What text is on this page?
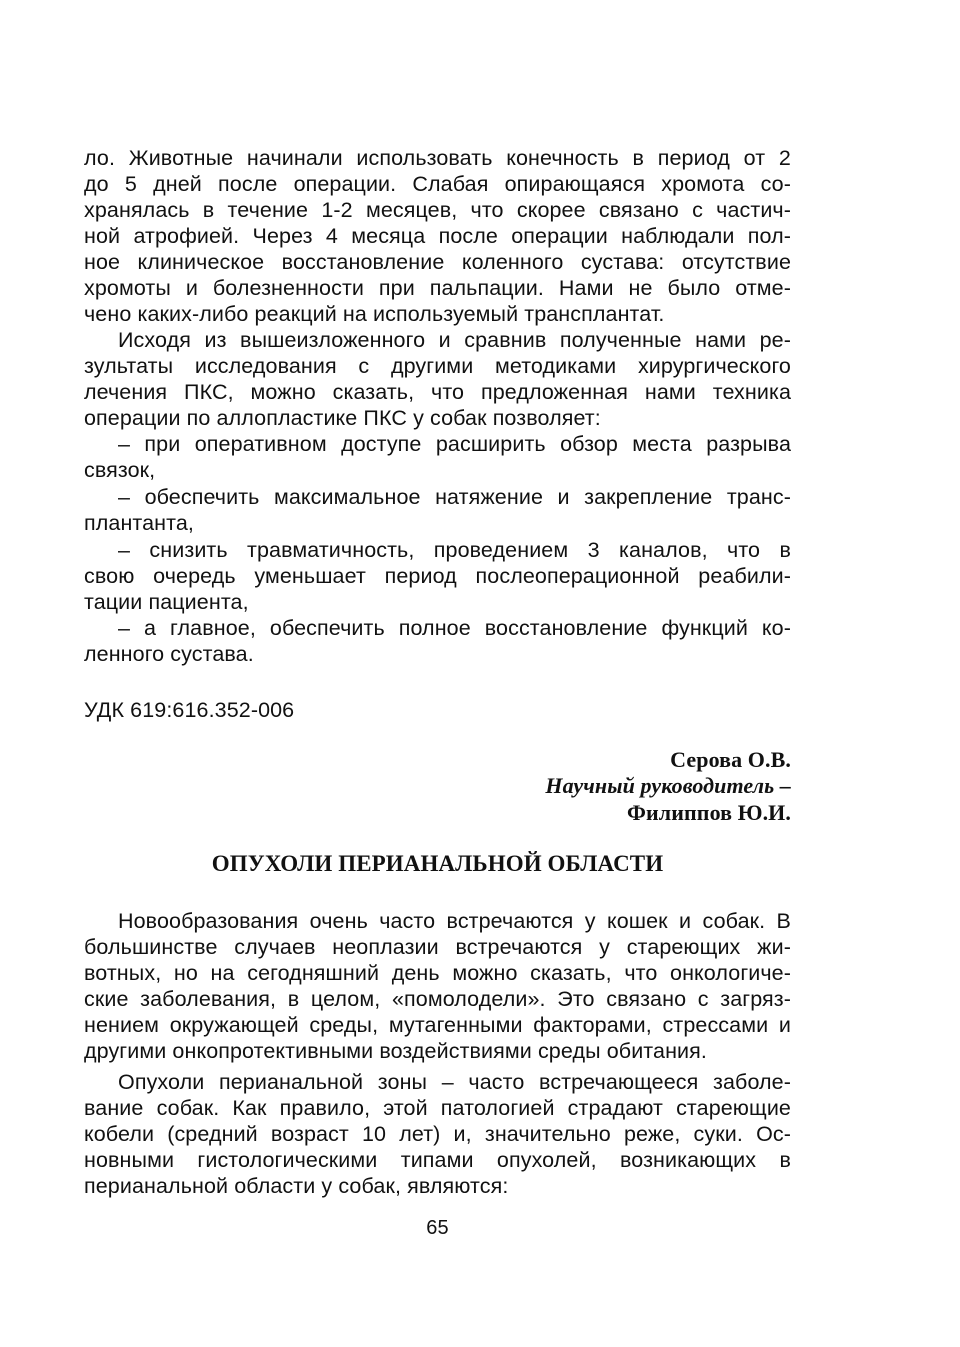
ло. Животные начинали использовать конечность в период от 2
до 5 дней после операции. Слабая опирающаяся хромота со-
хранялась в течение 1-2 месяцев, что скорее связано с частич-
ной атрофией. Через 4 месяца после операции наблюдали пол-
ное клиническое восстановление коленного сустава: отсутствие
хромоты и болезненности при пальпации. Нами не было отме-
чено каких-либо реакций на используемый трансплантат.
Исходя из вышеизложенного и сравнив полученные нами ре-
зультаты исследования с другими методиками хирургического
лечения ПКС, можно сказать, что предложенная нами техника
операции по аллопластике ПКС у собак позволяет:
– при оперативном доступе расширить обзор места разрыва
связок,
– обеспечить максимальное натяжение и закрепление транс-
плантанта,
– снизить травматичность, проведением 3 каналов, что в
свою очередь уменьшает период послеоперационной реабили-
тации пациента,
– а главное, обеспечить полное восстановление функций ко-
ленного сустава.
УДК 619:616.352-006
Серова О.В.
Научный руководитель –
Филиппов Ю.И.
ОПУХОЛИ ПЕРИАНАЛЬНОЙ ОБЛАСТИ
Новообразования очень часто встречаются у кошек и собак. В
большинстве случаев неоплазии встречаются у стареющих жи-
вотных, но на сегодняшний день можно сказать, что онкологиче-
ские заболевания, в целом, «помолодели». Это связано с загряз-
нением окружающей среды, мутагенными факторами, стрессами и
другими онкопротективными воздействиями среды обитания.
Опухоли перианальной зоны – часто встречающееся заболе-
вание собак. Как правило, этой патологией страдают стареющие
кобели (средний возраст 10 лет) и, значительно реже, суки. Ос-
новными гистологическими типами опухолей, возникающих в
перианальной области у собак, являются:
65
